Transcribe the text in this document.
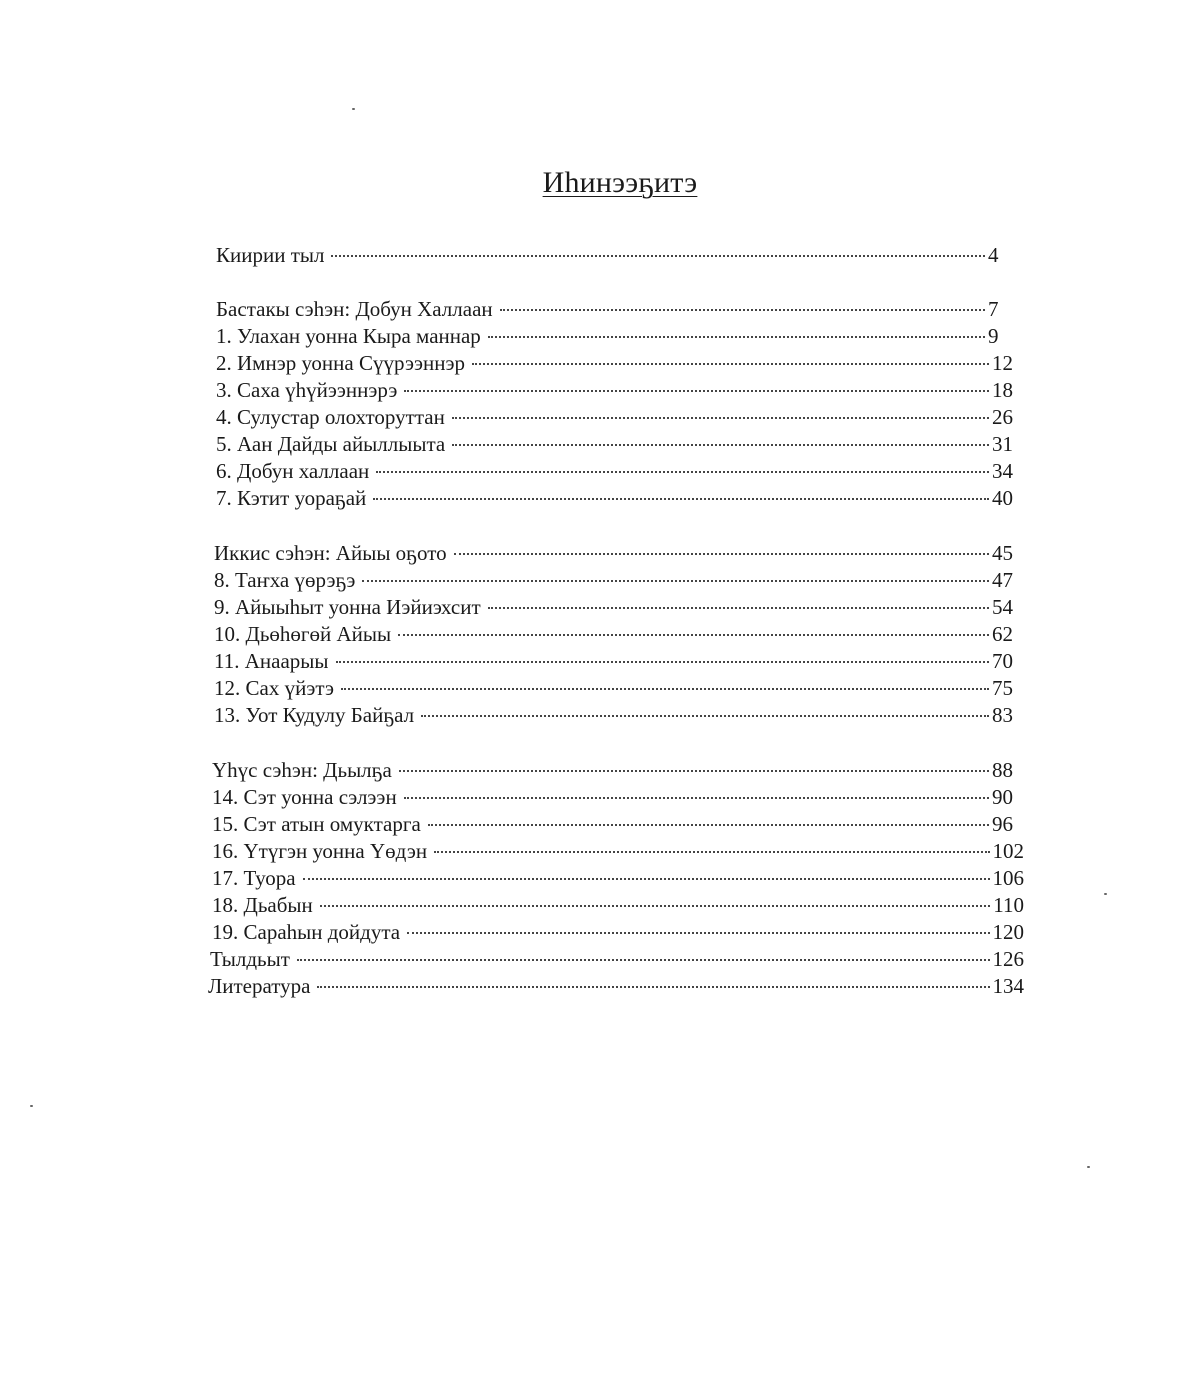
Иhинээҕитэ
Киирии тыл	4
Бастакы сэhэн: Добун Халлаан	7
1. Улахан уонна Кыра маннар	9
2. Имнэр уонна Сүүрээннэр	12
3. Саха үhүйээннэрэ	18
4. Сулустар олохторуттан	26
5. Аан Дайды айыллыыта	31
6. Добун халлаан	34
7. Кэтит уораҕай	40
Иккис сэhэн: Айыы оҕото	45
8. Таҥха үөрэҕэ	47
9. Айыыhыт уонна Иэйиэхсит	54
10. Дьөhөгөй Айыы	62
11. Анаарыы	70
12. Сах үйэтэ	75
13. Уот Кудулу Байҕал	83
Үhүс сэhэн: Дьылҕа	88
14. Сэт уонна сэлээн	90
15. Сэт атын омуктарга	96
16. Үтүгэн уонна Үөдэн	102
17. Туора	106
18. Дьабын	110
19. Сараhын дойдута	120
Тылдьыт	126
Литература	134
